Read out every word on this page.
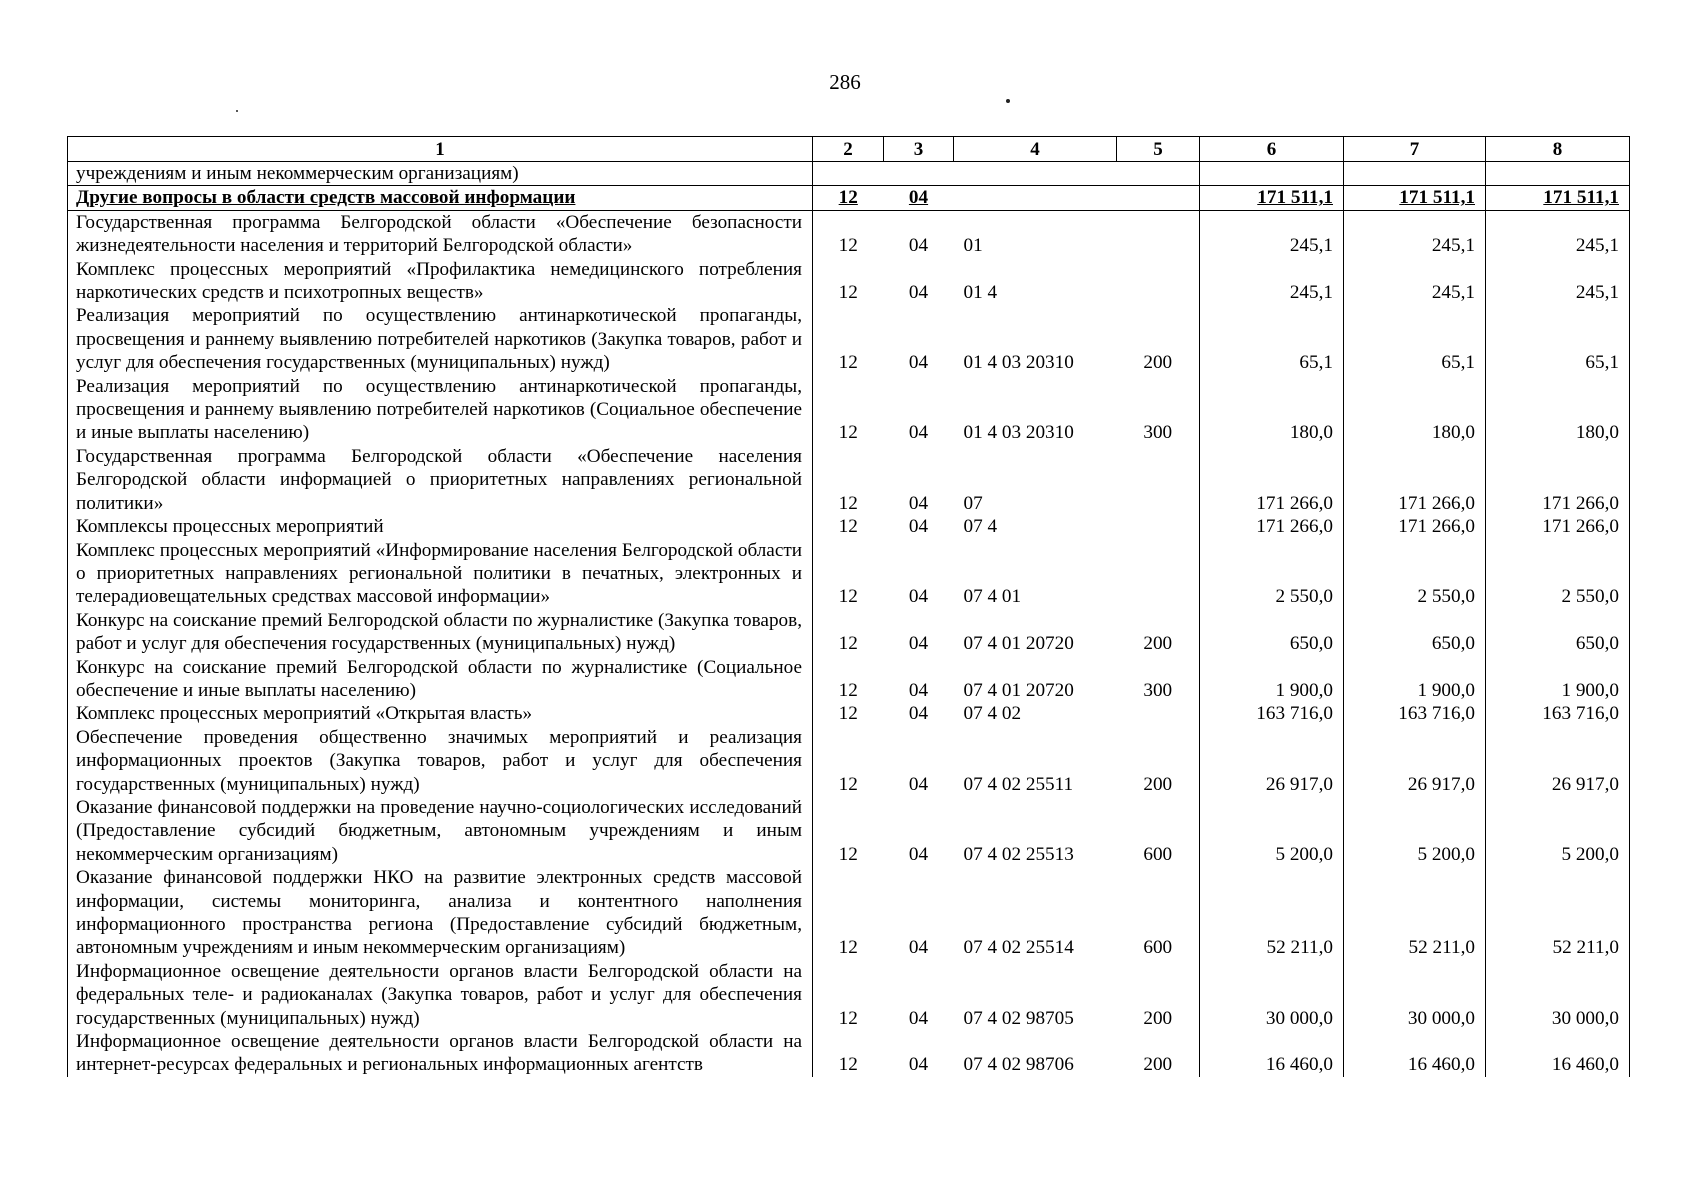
286
1	2	3	4	5	6	7	8
учреждениям и иным некоммерческим организациям)							
Другие вопросы в области средств массовой информации	12	04			171 511,1	171 511,1	171 511,1
Государственная программа Белгородской области «Обеспечение безопасности жизнедеятельности населения и территорий Белгородской области»	12	04	01		245,1	245,1	245,1
Комплекс процессных мероприятий «Профилактика немедицинского потребления наркотических средств и психотропных веществ»	12	04	01 4		245,1	245,1	245,1
Реализация мероприятий по осуществлению антинаркотической пропаганды, просвещения и раннему выявлению потребителей наркотиков (Закупка товаров, работ и услуг для обеспечения государственных (муниципальных) нужд)	12	04	01 4 03 20310	200	65,1	65,1	65,1
Реализация мероприятий по осуществлению антинаркотической пропаганды, просвещения и раннему выявлению потребителей наркотиков (Социальное обеспечение и иные выплаты населению)	12	04	01 4 03 20310	300	180,0	180,0	180,0
Государственная программа Белгородской области «Обеспечение населения Белгородской области информацией о приоритетных направлениях региональной политики»	12	04	07		171 266,0	171 266,0	171 266,0
Комплексы процессных мероприятий	12	04	07 4		171 266,0	171 266,0	171 266,0
Комплекс процессных мероприятий «Информирование населения Белгородской области о приоритетных направлениях региональной политики в печатных, электронных и телерадиовещательных средствах массовой информации»	12	04	07 4 01		2 550,0	2 550,0	2 550,0
Конкурс на соискание премий Белгородской области по журналистике (Закупка товаров, работ и услуг для обеспечения государственных (муниципальных) нужд)	12	04	07 4 01 20720	200	650,0	650,0	650,0
Конкурс на соискание премий Белгородской области по журналистике (Социальное обеспечение и иные выплаты населению)	12	04	07 4 01 20720	300	1 900,0	1 900,0	1 900,0
Комплекс процессных мероприятий «Открытая власть»	12	04	07 4 02		163 716,0	163 716,0	163 716,0
Обеспечение проведения общественно значимых мероприятий и реализация информационных проектов (Закупка товаров, работ и услуг для обеспечения государственных (муниципальных) нужд)	12	04	07 4 02 25511	200	26 917,0	26 917,0	26 917,0
Оказание финансовой поддержки на проведение научно-социологических исследований (Предоставление субсидий бюджетным, автономным учреждениям и иным некоммерческим организациям)	12	04	07 4 02 25513	600	5 200,0	5 200,0	5 200,0
Оказание финансовой поддержки НКО на развитие электронных средств массовой информации, системы мониторинга, анализа и контентного наполнения информационного пространства региона (Предоставление субсидий бюджетным, автономным учреждениям и иным некоммерческим организациям)	12	04	07 4 02 25514	600	52 211,0	52 211,0	52 211,0
Информационное освещение деятельности органов власти Белгородской области на федеральных теле- и радиоканалах (Закупка товаров, работ и услуг для обеспечения государственных (муниципальных) нужд)	12	04	07 4 02 98705	200	30 000,0	30 000,0	30 000,0
Информационное освещение деятельности органов власти Белгородской области на интернет-ресурсах федеральных и региональных информационных агентств	12	04	07 4 02 98706	200	16 460,0	16 460,0	16 460,0
